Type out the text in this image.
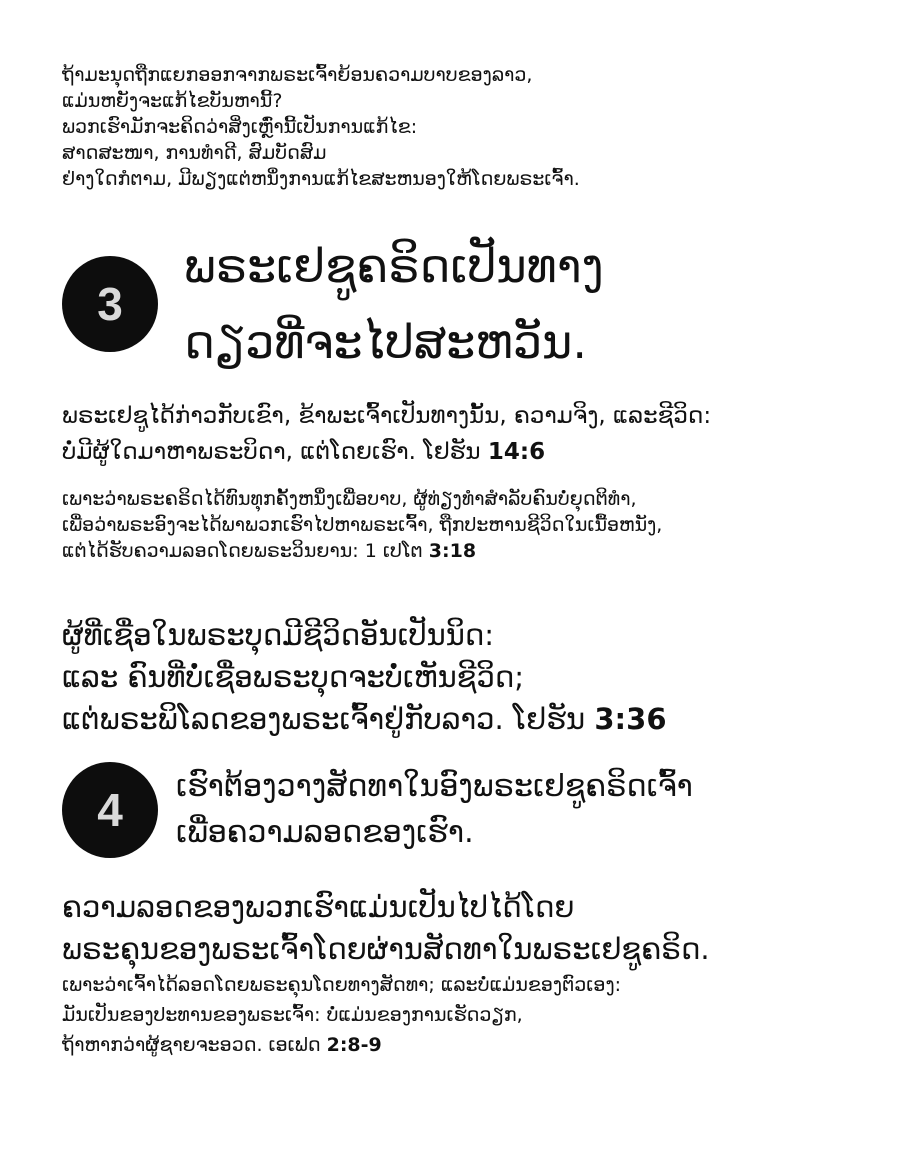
ຖ້າມະນຸດຖືກແຍກອອກຈາກພຣະເຈົ້າຍ້ອນຄວາມບາບຂອງລາວ,
ແມ່ນຫຍັງຈະແກ້ໄຂບັນຫານີ້?
ພວກເຮົາມັກຈະຄິດວ່າສິ່ງເຫຼົ່ານີ້ເປັນການແກ້ໄຂ:
ສາດສະໜາ, ການທຳດີ, ສົມບັດສົມ
ຢ່າງໃດກໍຕາມ, ມີພຽງແຕ່ຫນຶ່ງການແກ້ໄຂສະຫນອງໃຫ້ໂດຍພຣະເຈົ້າ.
3
ພຣະເຢຊູຄຣິດເປັນທາງ
ດຽວທີ່ຈະໄປສະຫວັນ.
ພຣະເຢຊູໄດ້ກ່າວກັບເຂົາ, ຂ້າພະເຈົ້າເປັນທາງນັ້ນ, ຄວາມຈິງ, ແລະຊີວິດ:
ບໍ່ມີຜູ້ໃດມາຫາພຣະບິດາ, ແຕ່ໂດຍເຮົາ. ໂຢຮັນ 14:6
ເພາະວ່າພຣະຄຣິດໄດ້ທົນທຸກຄັ້ງຫນຶ່ງເພື່ອບາບ, ຜູ້ທ່ຽງທຳສຳລັບຄົນບໍ່ຍຸດຕິທຳ,
ເພື່ອວ່າພຣະອົງຈະໄດ້ພາພວກເຮົາໄປຫາພຣະເຈົ້າ, ຖືກປະຫານຊີວິດໃນເນື້ອຫນັງ,
ແຕ່ໄດ້ຮັບຄວາມລອດໂດຍພຣະວິນຍານ: 1 ເປໂຕ 3:18
ຜູ້ທີ່ເຊື່ອໃນພຣະບຸດມີຊີວິດອັນເປັນນິດ:
ແລະ ຄົນທີ່ບໍ່ເຊື່ອພຣະບຸດຈະບໍ່ເຫັນຊີວິດ;
ແຕ່ພຣະພິໂລດຂອງພຣະເຈົ້າຢູ່ກັບລາວ. ໂຢຮັນ 3:36
4 ເຮົາຕ້ອງວາງສັດທາໃນອົງພຣະເຢຊູຄຣິດເຈົ້າ
ເພື່ອຄວາມລອດຂອງເຮົາ.
ຄວາມລອດຂອງພວກເຮົາແມ່ນເປັນໄປໄດ້ໂດຍ
ພຣະຄຸນຂອງພຣະເຈົ້າໂດຍຜ່ານສັດທາໃນພຣະເຢຊູຄຣິດ.
ເພາະວ່າເຈົ້າໄດ້ລອດໂດຍພຣະຄຸນໂດຍທາງສັດທາ; ແລະບໍ່ແມ່ນຂອງຕົວເອງ:
ມັນເປັນຂອງປະທານຂອງພຣະເຈົ້າ: ບໍ່ແມ່ນຂອງການເຮັດວຽກ,
ຖ້າຫາກວ່າຜູ້ຊາຍຈະອວດ. ເອເຟດ 2:8-9
